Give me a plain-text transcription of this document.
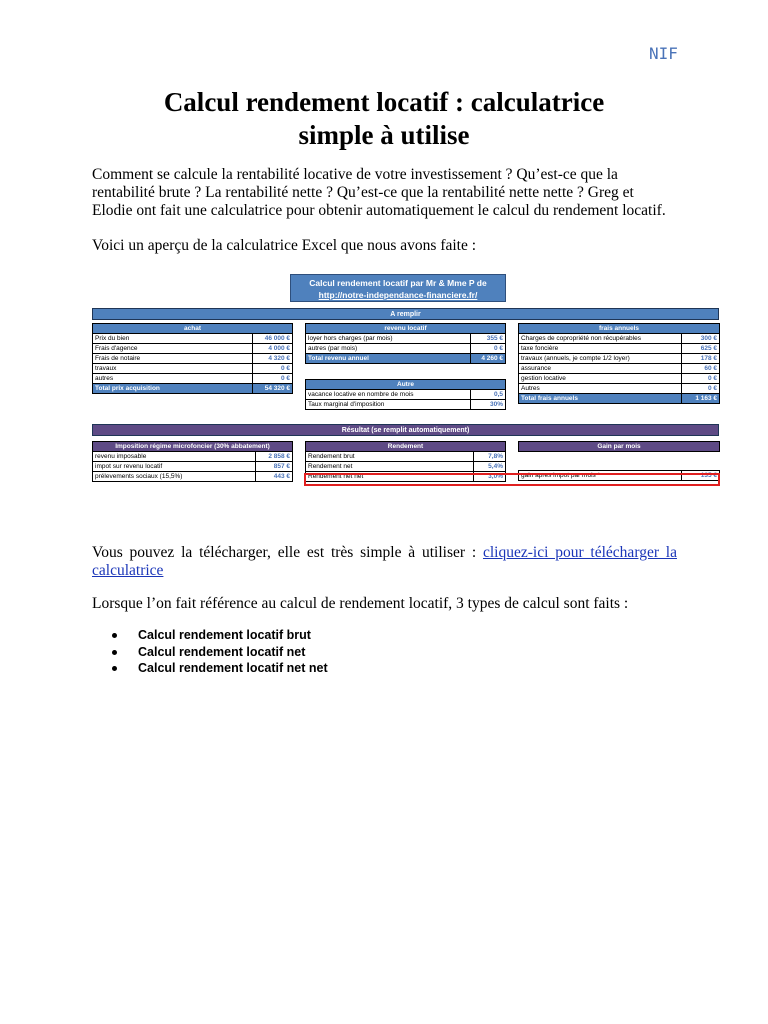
NIF
Calcul rendement locatif : calculatrice
simple à utilise
Comment se calcule la rentabilité locative de votre investissement ? Qu’est-ce que la rentabilité brute ? La rentabilité nette ? Qu’est-ce que la rentabilité nette nette ? Greg et Elodie ont fait une calculatrice pour obtenir automatiquement le calcul du rendement locatif.
Voici un aperçu de la calculatrice Excel que nous avons faite :
Calcul rendement locatif par Mr & Mme P de
http://notre-independance-financiere.fr/
A remplir
achat	
Prix du bien	46 000 €
Frais d'agence	4 000 €
Frais de notaire	4 320 €
travaux	0 €
autres	0 €
Total prix acquisition	54 320 €
revenu locatif	
loyer hors charges (par mois)	355 €
autres (par mois)	0 €
Total revenu annuel	4 260 €
Autre	
vacance locative en nombre de mois	0,5
Taux marginal d'imposition	30%
frais annuels	
Charges de copropriété non récupérables	300 €
taxe foncière	625 €
travaux (annuels, je compte 1/2 loyer)	178 €
assurance	60 €
gestion locative	0 €
Autres	0 €
Total frais annuels	1 163 €
Résultat (se remplit automatiquement)
Imposition régime microfoncier (30% abbatement)	
revenu imposable	2 858 €
impot sur revenu locatif	857 €
prélevements sociaux (15,5%)	443 €
Rendement	
Rendement brut	7,8%
Rendement net	5,4%
Rendement net net	3,0%
Gain par mois	

gain apres impot par mois *	135 €
Vous pouvez la télécharger, elle est très simple à utiliser : cliquez-ici pour télécharger la calculatrice
Lorsque l’on fait référence au calcul de rendement locatif, 3 types de calcul sont faits :
Calcul rendement locatif brut
Calcul rendement locatif net
Calcul rendement locatif net net
